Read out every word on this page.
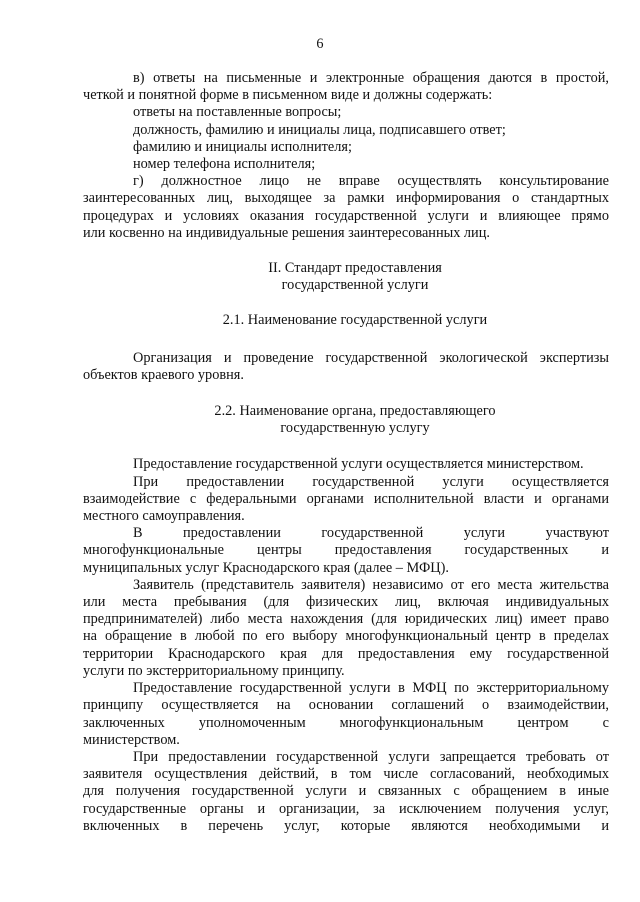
6

в) ответы на письменные и электронные обращения даются в простой,

четкой и понятной форме в письменном виде и должны содержать:

ответы на поставленные вопросы;

должность, фамилию и инициалы лица, подписавшего ответ;

фамилию и инициалы исполнителя;

номер телефона исполнителя;

г) должностное лицо не вправе осуществлять консультирование

заинтересованных лиц, выходящее за рамки информирования о стандартных

процедурах и условиях оказания государственной услуги и влияющее прямо

или косвенно на индивидуальные решения заинтересованных лиц.

II. Стандарт предоставления

государственной услуги

2.1. Наименование государственной услуги

Организация и проведение государственной экологической экспертизы

объектов краевого уровня.

2.2. Наименование органа, предоставляющего

государственную услугу

Предоставление государственной услуги осуществляется министерством.

При предоставлении государственной услуги осуществляется

взаимодействие с федеральными органами исполнительной власти и органами

местного самоуправления.

В предоставлении государственной услуги участвуют

многофункциональные центры предоставления государственных и

муниципальных услуг Краснодарского края (далее – МФЦ).

Заявитель (представитель заявителя) независимо от его места жительства

или места пребывания (для физических лиц, включая индивидуальных

предпринимателей) либо места нахождения (для юридических лиц) имеет право

на обращение в любой по его выбору многофункциональный центр в пределах

территории Краснодарского края для предоставления ему государственной

услуги по экстерриториальному принципу.

Предоставление государственной услуги в МФЦ по экстерриториальному

принципу осуществляется на основании соглашений о взаимодействии,

заключенных уполномоченным многофункциональным центром с

министерством.

При предоставлении государственной услуги запрещается требовать от

заявителя осуществления действий, в том числе согласований, необходимых

для получения государственной услуги и связанных с обращением в иные

государственные органы и организации, за исключением получения услуг,

включенных в перечень услуг, которые являются необходимыми и
